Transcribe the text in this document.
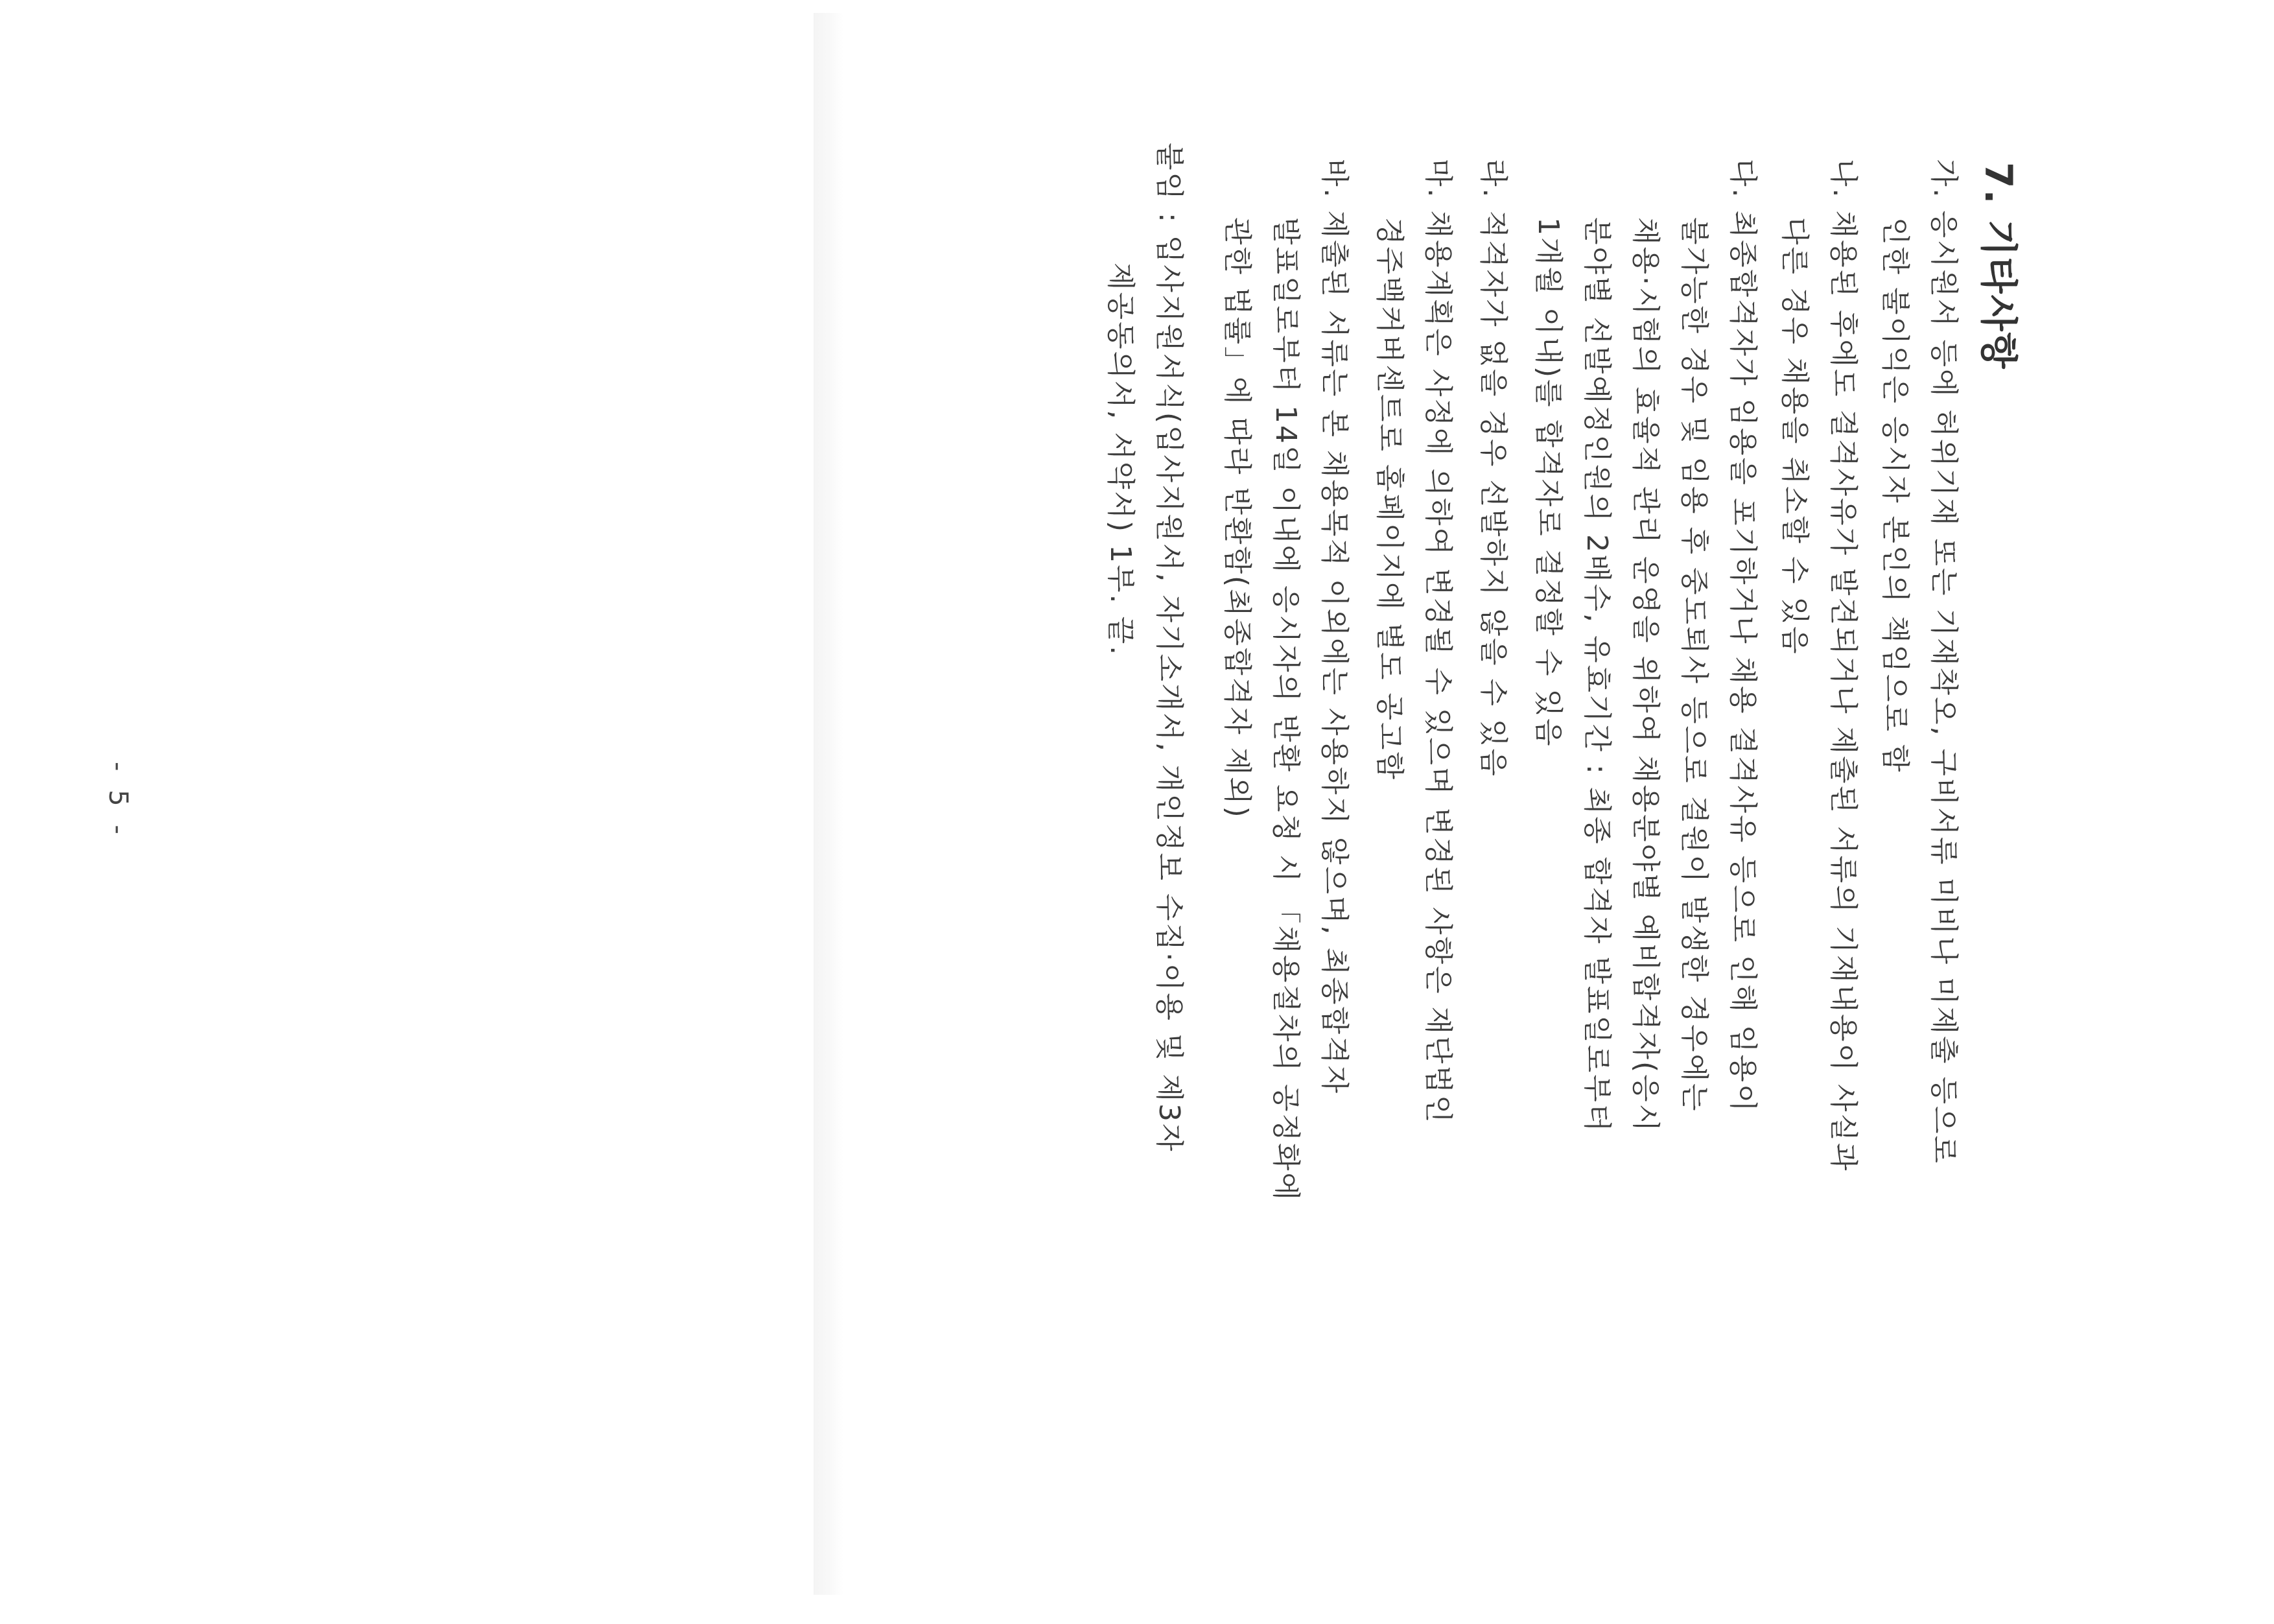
7. 기타사항
가. 응시원서 등에 허위기재 또는 기재착오, 구비서류 미비나 미제출 등으로
인한 불이익은 응시자 본인의 책임으로 함
나. 채용된 후에도 결격사유가 발견되거나 제출된 서류의 기재내용이 사실과
다른 경우 채용을 취소할 수 있음
다. 최종합격자가 임용을 포기하거나 채용 결격사유 등으로 인해 임용이
불가능한 경우 및 임용 후 중도퇴사 등으로 결원이 발생한 경우에는
채용·시험의 효율적 관리 운영을 위하여 채용분야별 예비합격자(응시
분야별 선발예정인원의 2배수, 유효기간 : 최종 합격자 발표일로부터
1개월 이내)를 합격자로 결정할 수 있음
라. 적격자가 없을 경우 선발하지 않을 수 있음
마. 채용계획은 사정에 의하여 변경될 수 있으며 변경된 사항은 재단법인
경주백커버센트로 홈페이지에 별도 공고함
바. 제출된 서류는 본 채용목적 이외에는 사용하지 않으며, 최종합격자
발표일로부터 14일 이내에 응시자의 반환 요청 시 「채용절차의 공정화에
관한 법률」에 따라 반환함(최종합격자 제외)
붙임 : 입사지원서식(입사지원서, 자기소개서, 개인정보 수집·이용 및 제3자
제공동의서, 서약서) 1부. 끝.
- 5 -
